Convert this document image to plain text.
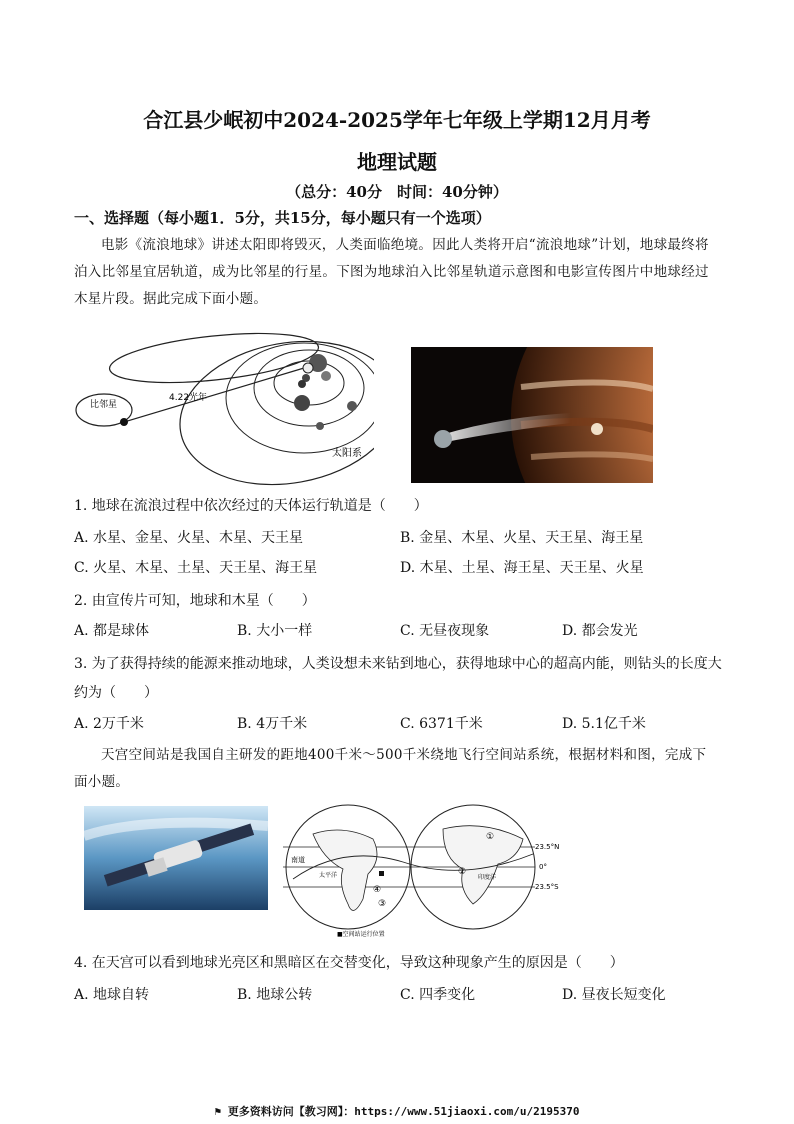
合江县少岷初中2024-2025学年七年级上学期12月月考
地理试题
（总分：40分　时间：40分钟）
一、选择题（每小题1．5分，共15分，每小题只有一个选项）
电影《流浪地球》讲述太阳即将毁灭，人类面临绝境。因此人类将开启“流浪地球”计划，地球最终将泊入比邻星宜居轨道，成为比邻星的行星。下图为地球泊入比邻星轨道示意图和电影宣传图片中地球经过木星片段。据此完成下面小题。
比邻星
4.22光年
太阳系
1. 地球在流浪过程中依次经过的天体运行轨道是（　　）
A. 水星、金星、火星、木星、天王星	B. 金星、木星、火星、天王星、海王星
C. 火星、木星、土星、天王星、海王星	D. 木星、土星、海王星、天王星、火星
2. 由宣传片可知，地球和木星（　　）
A. 都是球体	B. 大小一样	C. 无昼夜现象	D. 都会发光
3. 为了获得持续的能源来推动地球，人类设想未来钻到地心，获得地球中心的超高内能，则钻头的长度大
约为（　　）
A. 2万千米	B. 4万千米	C. 6371千米	D. 5.1亿千米
天宫空间站是我国自主研发的距地400千米～500千米绕地飞行空间站系统，根据材料和图，完成下面小题。
南道
太平洋	印度洋
①
②
③
④
23.5°N
0°
23.5°S
■空间站运行位置
4. 在天宫可以看到地球光亮区和黑暗区在交替变化，导致这种现象产生的原因是（　　）
A. 地球自转	B. 地球公转	C. 四季变化	D. 昼夜长短变化
⚑ 更多资料访问【教习网】：https://www.51jiaoxi.com/u/2195370
